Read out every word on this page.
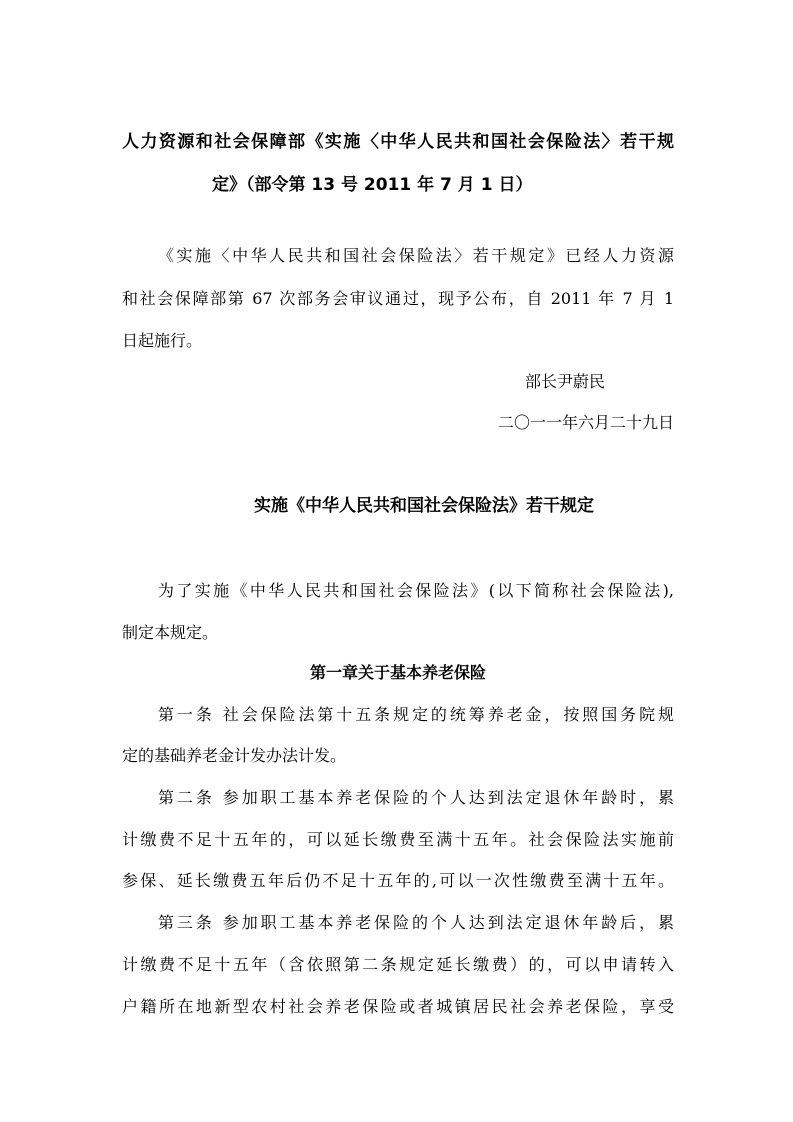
人力资源和社会保障部《实施〈中华人民共和国社会保险法〉若干规
定》（部令第 13 号 2011 年 7 月 1 日）
《实施〈中华人民共和国社会保险法〉若干规定》已经人力资源
和社会保障部第 67 次部务会审议通过，现予公布，自 2011 年 7 月 1
日起施行。
部长尹蔚民
二〇一一年六月二十九日
实施《中华人民共和国社会保险法》若干规定
为了实施《中华人民共和国社会保险法》(以下简称社会保险法),
制定本规定。
第一章关于基本养老保险
第一条 社会保险法第十五条规定的统筹养老金，按照国务院规
定的基础养老金计发办法计发。
第二条 参加职工基本养老保险的个人达到法定退休年龄时，累
计缴费不足十五年的，可以延长缴费至满十五年。社会保险法实施前
参保、延长缴费五年后仍不足十五年的,可以一次性缴费至满十五年。
第三条 参加职工基本养老保险的个人达到法定退休年龄后，累
计缴费不足十五年（含依照第二条规定延长缴费）的，可以申请转入
户籍所在地新型农村社会养老保险或者城镇居民社会养老保险，享受
